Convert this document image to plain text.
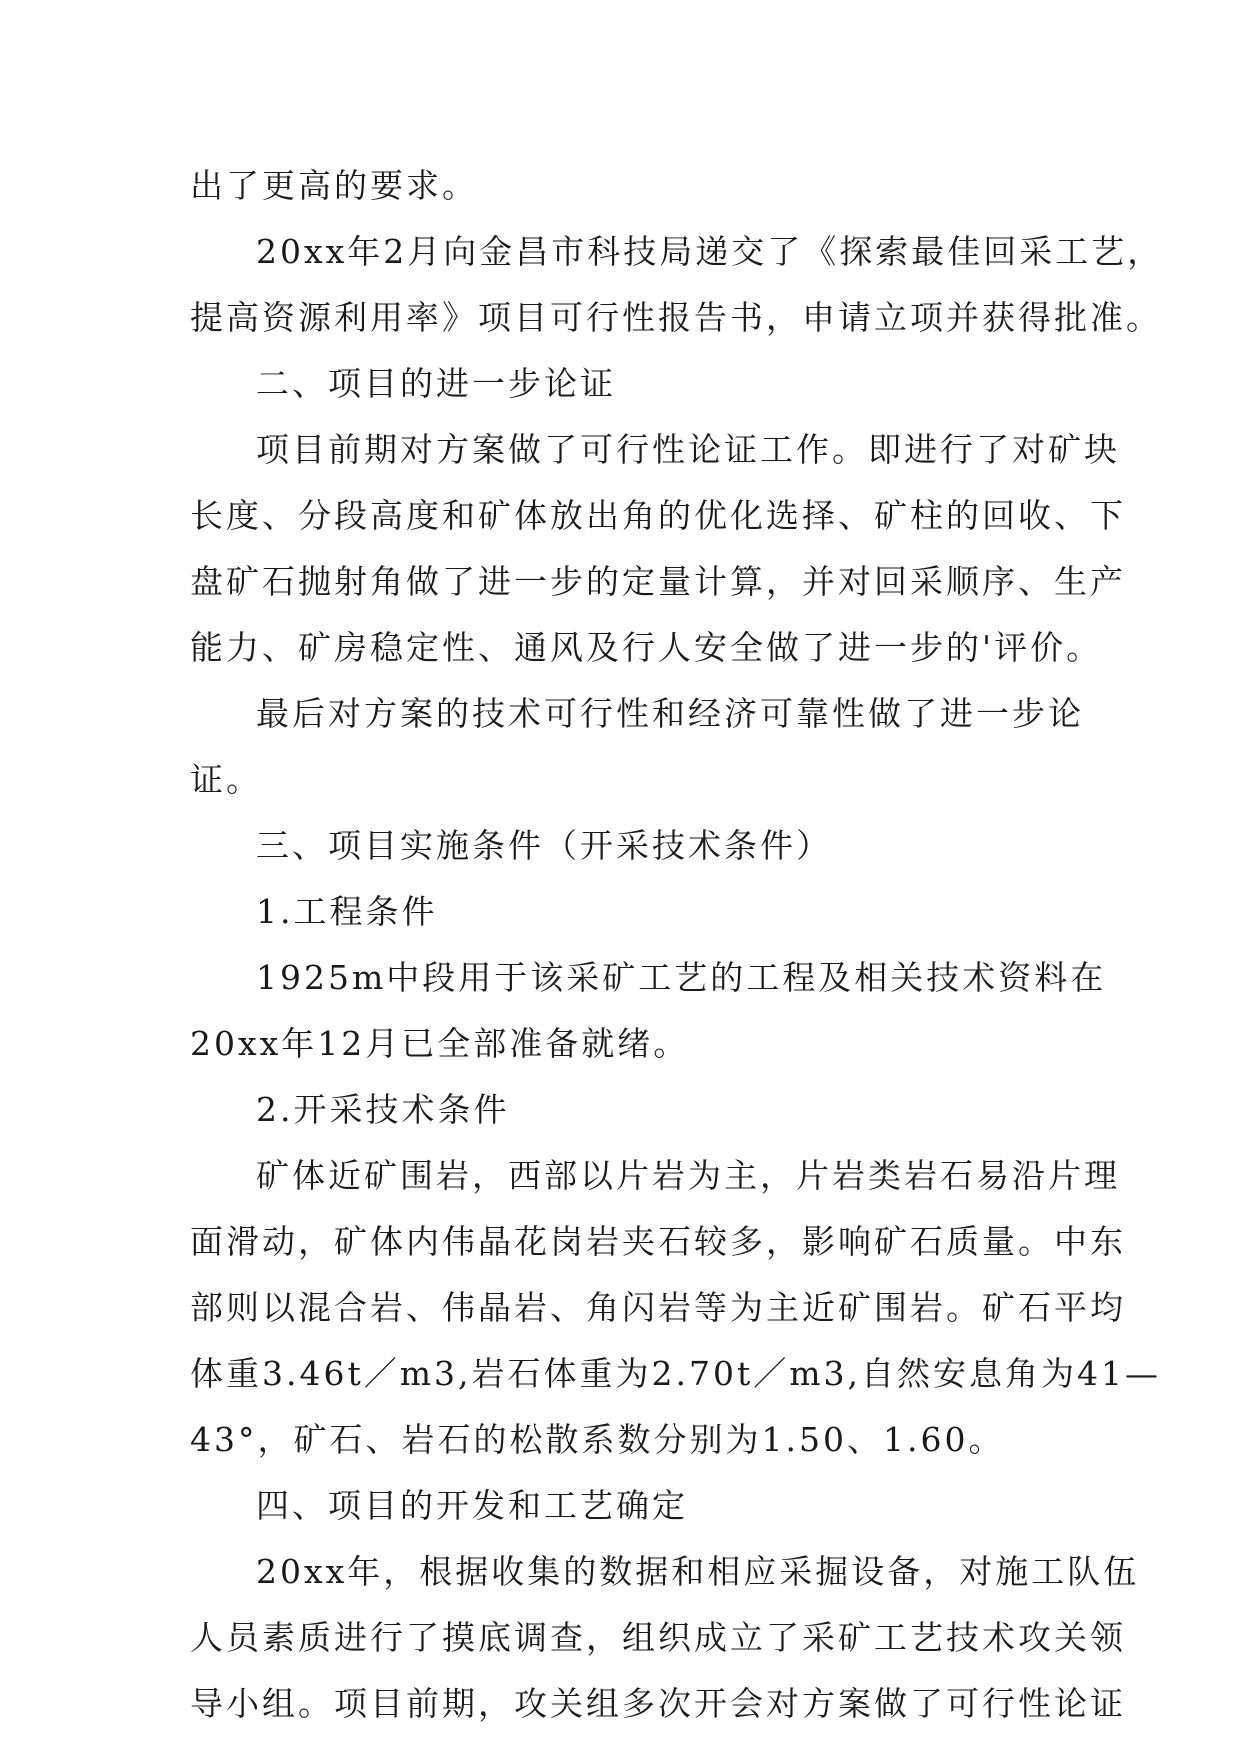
出了更高的要求。
20xx年2月向金昌市科技局递交了《探索最佳回采工艺，
提高资源利用率》项目可行性报告书，申请立项并获得批准。
二、项目的进一步论证
项目前期对方案做了可行性论证工作。即进行了对矿块
长度、分段高度和矿体放出角的优化选择、矿柱的回收、下
盘矿石抛射角做了进一步的定量计算，并对回采顺序、生产
能力、矿房稳定性、通风及行人安全做了进一步的'评价。
最后对方案的技术可行性和经济可靠性做了进一步论
证。
三、项目实施条件（开采技术条件）
1.工程条件
1925m中段用于该采矿工艺的工程及相关技术资料在
20xx年12月已全部准备就绪。
2.开采技术条件
矿体近矿围岩，西部以片岩为主，片岩类岩石易沿片理
面滑动，矿体内伟晶花岗岩夹石较多，影响矿石质量。中东
部则以混合岩、伟晶岩、角闪岩等为主近矿围岩。矿石平均
体重3.46t／m3,岩石体重为2.70t／m3,自然安息角为41—
43°，矿石、岩石的松散系数分别为1.50、1.60。
四、项目的开发和工艺确定
20xx年，根据收集的数据和相应采掘设备，对施工队伍
人员素质进行了摸底调查，组织成立了采矿工艺技术攻关领
导小组。项目前期，攻关组多次开会对方案做了可行性论证
